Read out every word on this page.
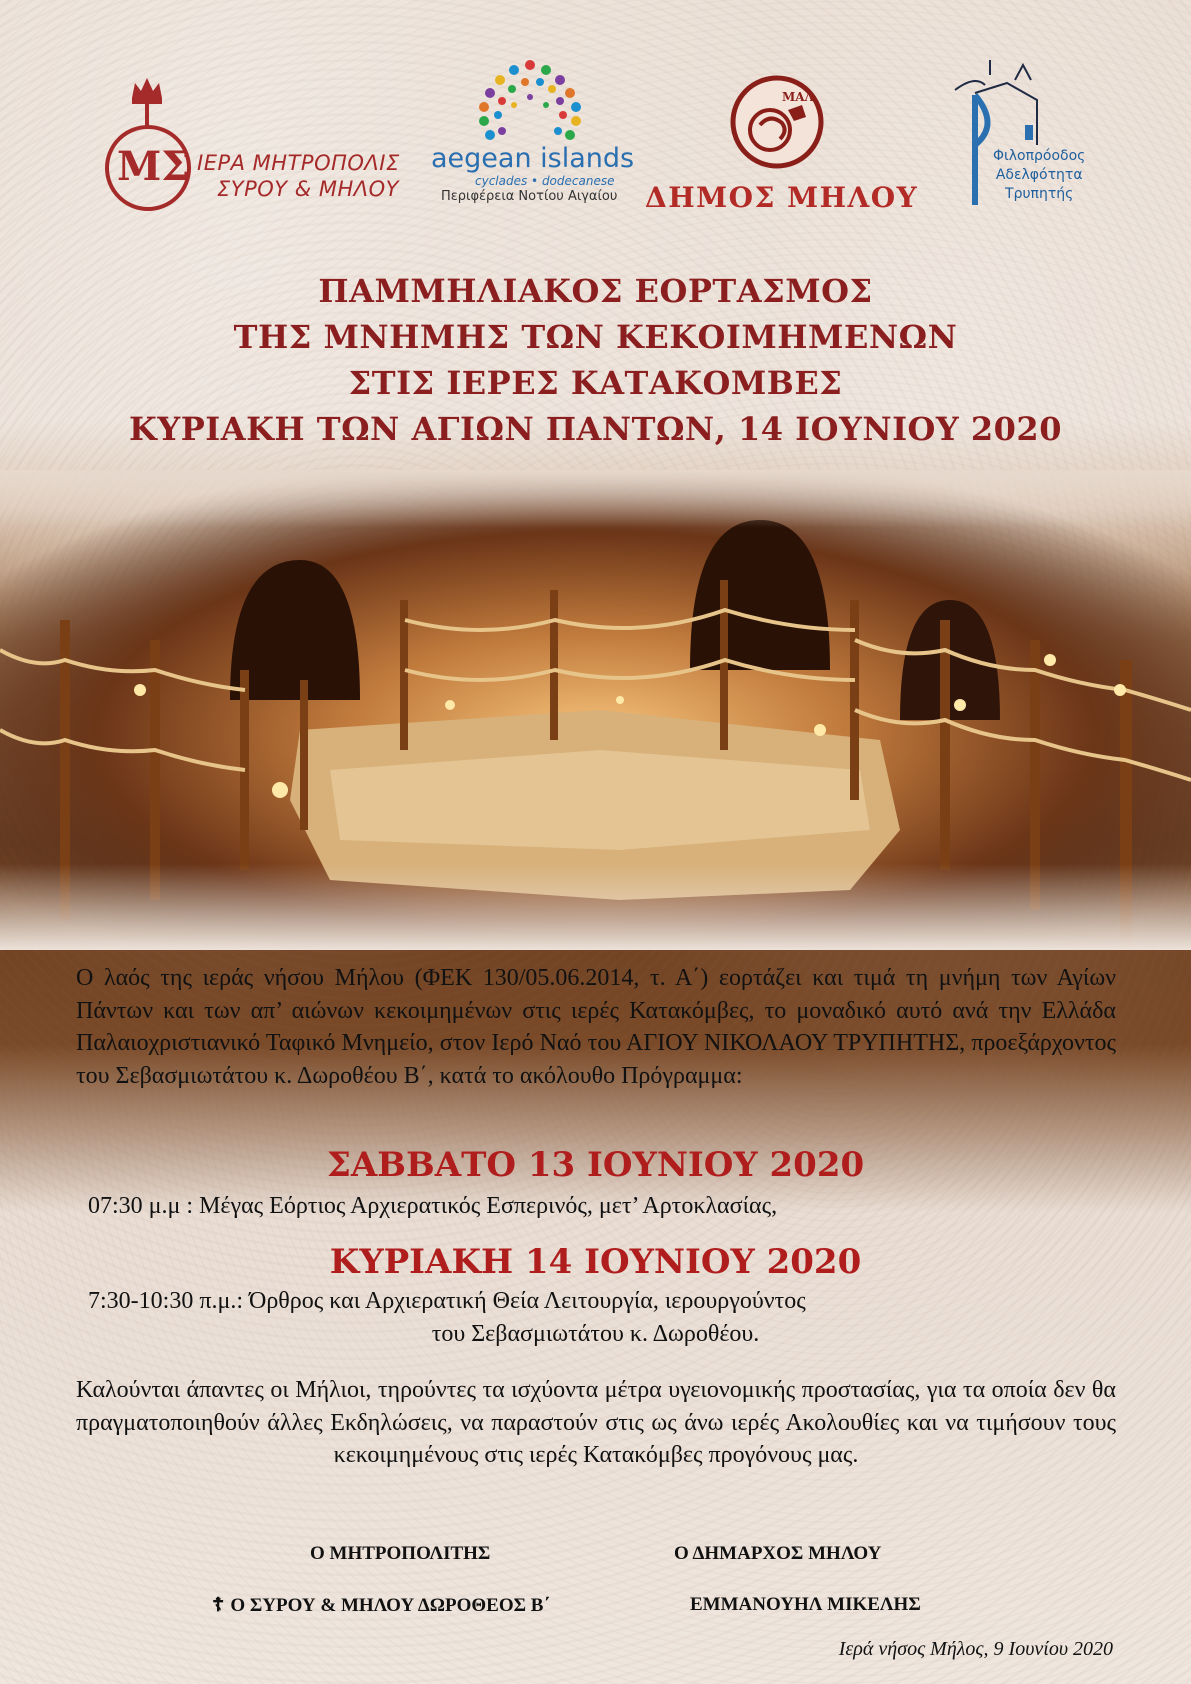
ΜΣ ΙΕΡΑ ΜΗΤΡΟΠΟΛΙΣ
ΣΥΡΟΥ & ΜΗΛΟΥ
aegean islands
cyclades • dodecanese
Περιφέρεια Νοτίου Αιγαίου
ΜΑΛ
ΔΗΜΟΣ ΜΗΛΟΥ
Φιλοπρόοδος
Αδελφότητα
Τρυπητής
ΠΑΜΜΗΛΙΑΚΟΣ ΕΟΡΤΑΣΜΟΣ
ΤΗΣ ΜΝΗΜΗΣ ΤΩΝ ΚΕΚΟΙΜΗΜΕΝΩΝ
ΣΤΙΣ ΙΕΡΕΣ ΚΑΤΑΚΟΜΒΕΣ
ΚΥΡΙΑΚΗ ΤΩΝ ΑΓΙΩΝ ΠΑΝΤΩΝ, 14 ΙΟΥΝΙΟΥ 2020
Ο λαός της ιεράς νήσου Μήλου (ΦΕΚ 130/05.06.2014, τ. Α΄) εορτάζει και τιμά τη μνήμη των Αγίων Πάντων και των απ’ αιώνων κεκοιμημένων στις ιερές Κατακόμβες, το μοναδικό αυτό ανά την Ελλάδα Παλαιοχριστιανικό Ταφικό Μνημείο, στον Ιερό Ναό του ΑΓΙΟΥ ΝΙΚΟΛΑΟΥ ΤΡΥΠΗΤΗΣ, προεξάρχοντος του Σεβασμιωτάτου κ. Δωροθέου Β΄, κατά το ακόλουθο Πρόγραμμα:
ΣΑΒΒΑΤΟ 13 ΙΟΥΝΙΟΥ 2020
07:30 μ.μ : Μέγας Εόρτιος Αρχιερατικός Εσπερινός, μετ’ Αρτοκλασίας,
ΚΥΡΙΑΚΗ 14 ΙΟΥΝΙΟΥ 2020
7:30-10:30 π.μ.: Όρθρος και Αρχιερατική Θεία Λειτουργία, ιερουργούντος
του Σεβασμιωτάτου κ. Δωροθέου.
Καλούνται άπαντες οι Μήλιοι, τηρούντες τα ισχύοντα μέτρα υγειονομικής προστασίας, για τα οποία δεν θα πραγματοποιηθούν άλλες Εκδηλώσεις, να παραστούν στις ως άνω ιερές Ακολουθίες και να τιμήσουν τους κεκοιμημένους στις ιερές Κατακόμβες προγόνους μας.
Ο ΜΗΤΡΟΠΟΛΙΤΗΣ	Ο ΔΗΜΑΡΧΟΣ ΜΗΛΟΥ
☦ Ο ΣΥΡΟΥ & ΜΗΛΟΥ ΔΩΡΟΘΕΟΣ Β΄	ΕΜΜΑΝΟΥΗΛ ΜΙΚΕΛΗΣ
Ιερά νήσος Μήλος, 9 Ιουνίου 2020
